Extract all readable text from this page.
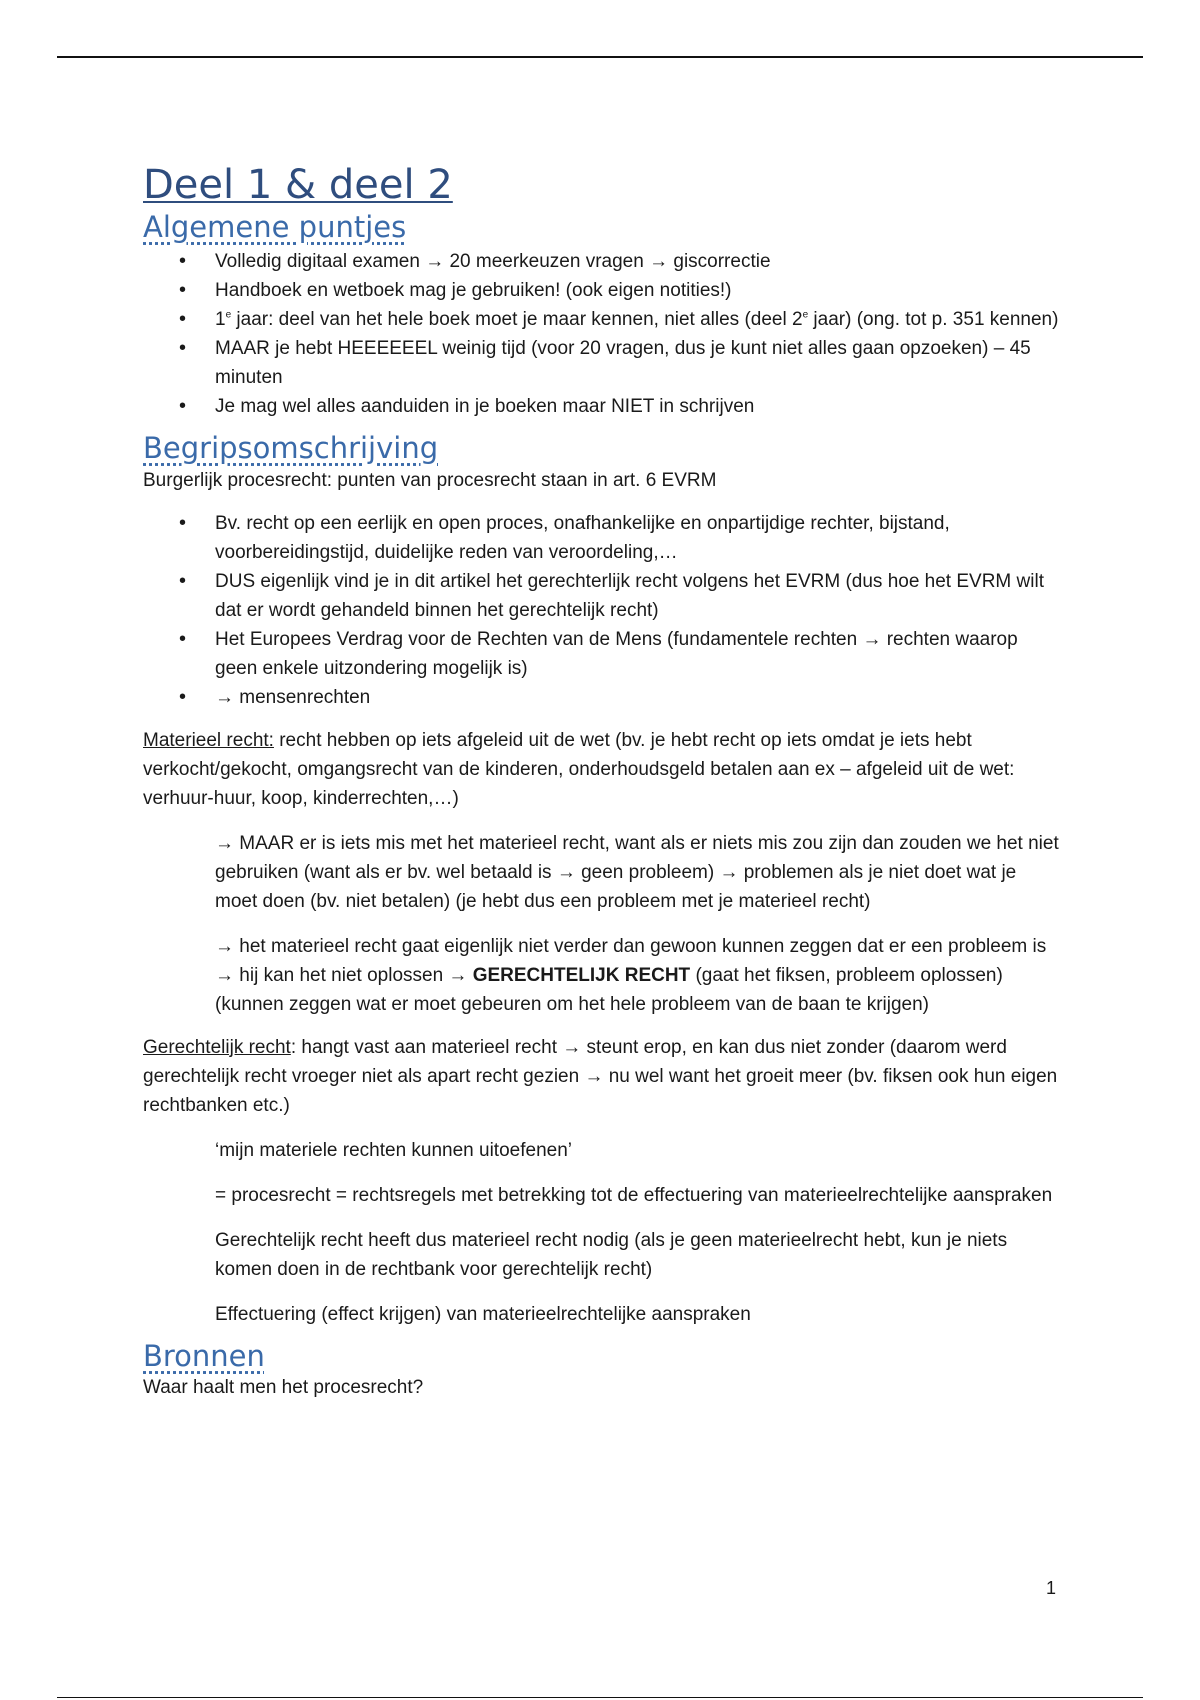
Deel 1 & deel 2
Algemene puntjes
• Volledig digitaal examen → 20 meerkeuzen vragen → giscorrectie
• Handboek en wetboek mag je gebruiken! (ook eigen notities!)
• 1e jaar: deel van het hele boek moet je maar kennen, niet alles (deel 2e jaar) (ong. tot p. 351 kennen)
• MAAR je hebt HEEEEEEL weinig tijd (voor 20 vragen, dus je kunt niet alles gaan opzoeken) – 45 minuten
• Je mag wel alles aanduiden in je boeken maar NIET in schrijven
Begripsomschrijving

Burgerlijk procesrecht: punten van procesrecht staan in art. 6 EVRM

• Bv. recht op een eerlijk en open proces, onafhankelijke en onpartijdige rechter, bijstand, voorbereidingstijd, duidelijke reden van veroordeling,…
• DUS eigenlijk vind je in dit artikel het gerechterlijk recht volgens het EVRM (dus hoe het EVRM wilt dat er wordt gehandeld binnen het gerechtelijk recht)
• Het Europees Verdrag voor de Rechten van de Mens (fundamentele rechten → rechten waarop geen enkele uitzondering mogelijk is)
• → mensenrechten

Materieel recht: recht hebben op iets afgeleid uit de wet (bv. je hebt recht op iets omdat je iets hebt verkocht/gekocht, omgangsrecht van de kinderen, onderhoudsgeld betalen aan ex – afgeleid uit de wet: verhuur-huur, koop, kinderrechten,…)

→ MAAR er is iets mis met het materieel recht, want als er niets mis zou zijn dan zouden we het niet gebruiken (want als er bv. wel betaald is → geen probleem) → problemen als je niet doet wat je moet doen (bv. niet betalen) (je hebt dus een probleem met je materieel recht)

→ het materieel recht gaat eigenlijk niet verder dan gewoon kunnen zeggen dat er een probleem is → hij kan het niet oplossen → GERECHTELIJK RECHT (gaat het fiksen, probleem oplossen) (kunnen zeggen wat er moet gebeuren om het hele probleem van de baan te krijgen)

Gerechtelijk recht: hangt vast aan materieel recht → steunt erop, en kan dus niet zonder (daarom werd gerechtelijk recht vroeger niet als apart recht gezien → nu wel want het groeit meer (bv. fiksen ook hun eigen rechtbanken etc.)

‘mijn materiele rechten kunnen uitoefenen’

= procesrecht = rechtsregels met betrekking tot de effectuering van materieelrechtelijke aanspraken

Gerechtelijk recht heeft dus materieel recht nodig (als je geen materieelrecht hebt, kun je niets komen doen in de rechtbank voor gerechtelijk recht)

Effectuering (effect krijgen) van materieelrechtelijke aanspraken

Bronnen

Waar haalt men het procesrecht?

1
